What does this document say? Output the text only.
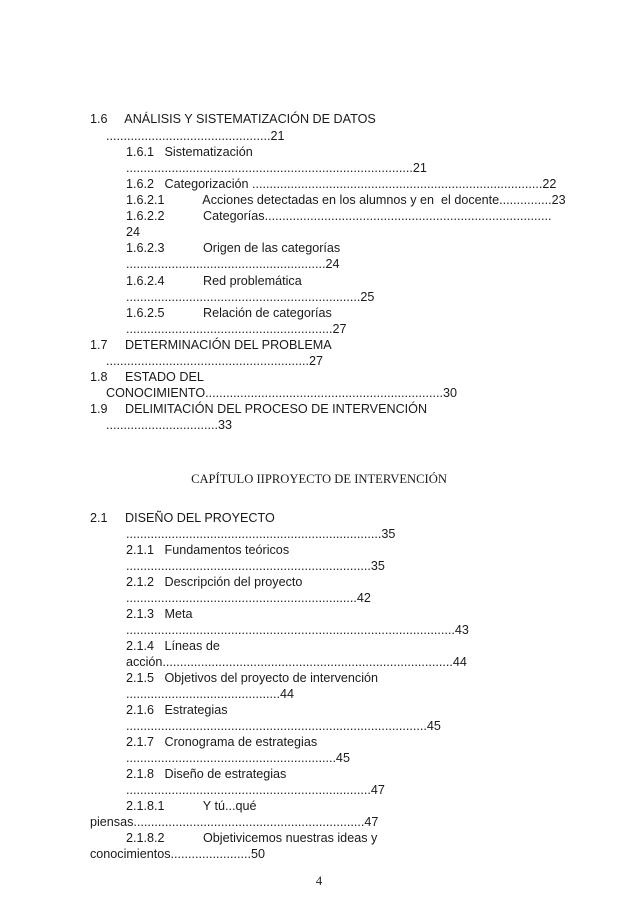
1.6     ANÁLISIS Y SISTEMATIZACIÓN DE DATOS
...............................................21
1.6.1   Sistematización
..................................................................................21
1.6.2   Categorización ...................................................................................22
1.6.2.1           Acciones detectadas en los alumnos y en  el docente...............23
1.6.2.2           Categorías..................................................................................
24
1.6.2.3           Origen de las categorías
.........................................................24
1.6.2.4           Red problemática
...................................................................25
1.6.2.5           Relación de categorías
...........................................................27
1.7     DETERMINACIÓN DEL PROBLEMA
..........................................................27
1.8     ESTADO DEL
CONOCIMIENTO....................................................................30
1.9     DELIMITACIÓN DEL PROCESO DE INTERVENCIÓN
................................33
CAPÍTULO IIPROYECTO DE INTERVENCIÓN
2.1     DISEÑO DEL PROYECTO
.........................................................................35
2.1.1   Fundamentos teóricos
......................................................................35
2.1.2   Descripción del proyecto
..................................................................42
2.1.3   Meta
..............................................................................................43
2.1.4   Líneas de
acción...................................................................................44
2.1.5   Objetivos del proyecto de intervención
............................................44
2.1.6   Estrategias
......................................................................................45
2.1.7   Cronograma de estrategias
............................................................45
2.1.8   Diseño de estrategias
......................................................................47
2.1.8.1           Y tú...qué
piensas..................................................................47
2.1.8.2           Objetivicemos nuestras ideas y
conocimientos.......................50
4
